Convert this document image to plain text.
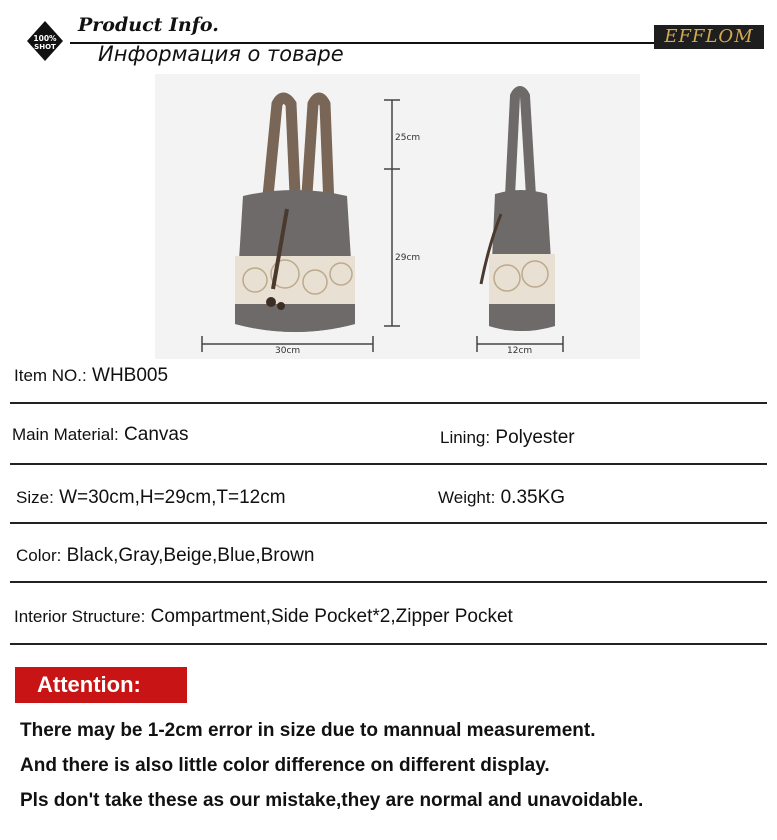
100%
SHOT
Product Info.
Информация о товаре
EFFLOM
25cm
29cm
30cm	12cm
Item NO.: WHB005
Main Material: Canvas	Lining: Polyester
Size: W=30cm,H=29cm,T=12cm	Weight: 0.35KG
Color: Black,Gray,Beige,Blue,Brown
Interior Structure: Compartment,Side Pocket*2,Zipper Pocket
Attention:
There may be 1-2cm error in size due to mannual measurement.
And there is also little color difference on different display.
Pls don't take these as our mistake,they are normal and unavoidable.
